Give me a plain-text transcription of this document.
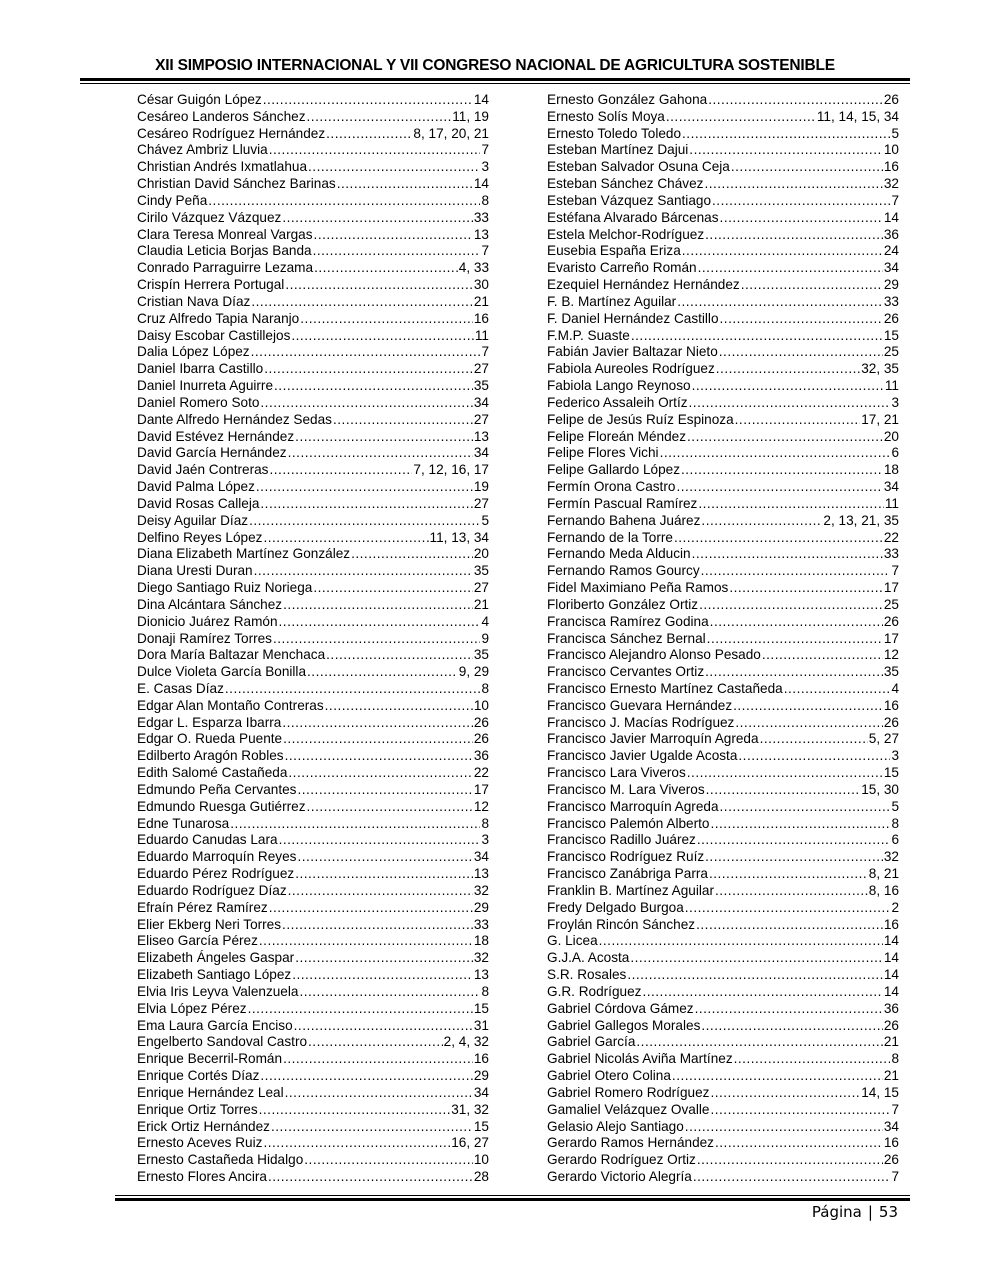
XII SIMPOSIO INTERNACIONAL Y VII CONGRESO NACIONAL DE AGRICULTURA SOSTENIBLE
César Guigón López .....	14
Cesáreo Landeros Sánchez .....	11, 19
Cesáreo Rodríguez Hernández .....	8, 17, 20, 21
Chávez Ambriz Lluvia .....	7
Christian Andrés Ixmatlahua .....	3
Christian David Sánchez Barinas .....	14
Cindy Peña .....	8
Cirilo Vázquez Vázquez .....	33
Clara Teresa Monreal Vargas .....	13
Claudia Leticia Borjas Banda .....	7
Conrado Parraguirre Lezama .....	4, 33
Crispín Herrera Portugal .....	30
Cristian Nava Díaz .....	21
Cruz Alfredo Tapia Naranjo .....	16
Daisy Escobar Castillejos .....	11
Dalia López López .....	7
Daniel Ibarra Castillo .....	27
Daniel Inurreta Aguirre .....	35
Daniel Romero Soto .....	34
Dante Alfredo Hernández Sedas .....	27
David Estévez Hernández .....	13
David García Hernández .....	34
David Jaén Contreras .....	7, 12, 16, 17
David Palma López .....	19
David Rosas Calleja .....	27
Deisy Aguilar Díaz .....	5
Delfino Reyes López .....	11, 13, 34
Diana Elizabeth Martínez González .....	20
Diana Uresti Duran .....	35
Diego Santiago Ruiz Noriega .....	27
Dina Alcántara Sánchez .....	21
Dionicio Juárez Ramón .....	4
Donaji Ramírez Torres .....	9
Dora María Baltazar Menchaca .....	35
Dulce Violeta García Bonilla .....	9, 29
E. Casas Díaz .....	8
Edgar Alan Montaño Contreras .....	10
Edgar L. Esparza Ibarra .....	26
Edgar O. Rueda Puente .....	26
Edilberto Aragón Robles .....	36
Edith Salomé Castañeda .....	22
Edmundo Peña Cervantes .....	17
Edmundo Ruesga Gutiérrez .....	12
Edne Tunarosa .....	8
Eduardo Canudas Lara .....	3
Eduardo Marroquín Reyes .....	34
Eduardo Pérez Rodríguez .....	13
Eduardo Rodríguez Díaz .....	32
Efraín Pérez Ramírez .....	29
Elier Ekberg Neri Torres .....	33
Eliseo García Pérez .....	18
Elizabeth Ángeles Gaspar .....	32
Elizabeth Santiago López .....	13
Elvia Iris Leyva Valenzuela .....	8
Elvia López Pérez .....	15
Ema Laura García Enciso .....	31
Engelberto Sandoval Castro .....	2, 4, 32
Enrique Becerril-Román .....	16
Enrique Cortés Díaz .....	29
Enrique Hernández Leal .....	34
Enrique Ortiz Torres .....	31, 32
Erick Ortiz Hernández .....	15
Ernesto Aceves Ruiz .....	16, 27
Ernesto Castañeda Hidalgo .....	10
Ernesto Flores Ancira .....	28
Ernesto González Gahona .....	26
Ernesto Solís Moya .....	11, 14, 15, 34
Ernesto Toledo Toledo .....	5
Esteban Martínez Dajui .....	10
Esteban Salvador Osuna Ceja .....	16
Esteban Sánchez Chávez .....	32
Esteban Vázquez Santiago .....	7
Estéfana Alvarado Bárcenas .....	14
Estela Melchor-Rodríguez .....	36
Eusebia España Eriza .....	24
Evaristo Carreño Román .....	34
Ezequiel Hernández Hernández .....	29
F. B. Martínez Aguilar .....	33
F. Daniel Hernández Castillo .....	26
F.M.P. Suaste .....	15
Fabián Javier Baltazar Nieto .....	25
Fabiola Aureoles Rodríguez .....	32, 35
Fabiola Lango Reynoso .....	11
Federico Assaleih Ortíz .....	3
Felipe de Jesús Ruíz Espinoza .....	17, 21
Felipe Floreán Méndez .....	20
Felipe Flores Vichi .....	6
Felipe Gallardo López .....	18
Fermín Orona Castro .....	34
Fermín Pascual Ramírez .....	11
Fernando Bahena Juárez .....	2, 13, 21, 35
Fernando de la Torre .....	22
Fernando Meda Alducin .....	33
Fernando Ramos Gourcy .....	7
Fidel Maximiano Peña Ramos .....	17
Floriberto González Ortiz .....	25
Francisca Ramírez Godina .....	26
Francisca Sánchez Bernal .....	17
Francisco Alejandro Alonso Pesado .....	12
Francisco Cervantes Ortiz .....	35
Francisco Ernesto Martínez Castañeda .....	4
Francisco Guevara Hernández .....	16
Francisco J. Macías Rodríguez .....	26
Francisco Javier Marroquín Agreda .....	5, 27
Francisco Javier Ugalde Acosta .....	3
Francisco Lara Viveros .....	15
Francisco M. Lara Viveros .....	15, 30
Francisco Marroquín Agreda .....	5
Francisco Palemón Alberto .....	8
Francisco Radillo Juárez .....	6
Francisco Rodríguez Ruíz .....	32
Francisco Zanábriga Parra .....	8, 21
Franklin B. Martínez Aguilar .....	8, 16
Fredy Delgado Burgoa .....	2
Froylán Rincón Sánchez .....	16
G. Licea .....	14
G.J.A. Acosta .....	14
S.R. Rosales .....	14
G.R. Rodríguez .....	14
Gabriel Córdova Gámez .....	36
Gabriel Gallegos Morales .....	26
Gabriel García .....	21
Gabriel Nicolás Aviña Martínez .....	8
Gabriel Otero Colina .....	21
Gabriel Romero Rodríguez .....	14, 15
Gamaliel Velázquez Ovalle .....	7
Gelasio Alejo Santiago .....	34
Gerardo Ramos Hernández .....	16
Gerardo Rodríguez Ortiz .....	26
Gerardo Victorio Alegría .....	7
Página | 53
